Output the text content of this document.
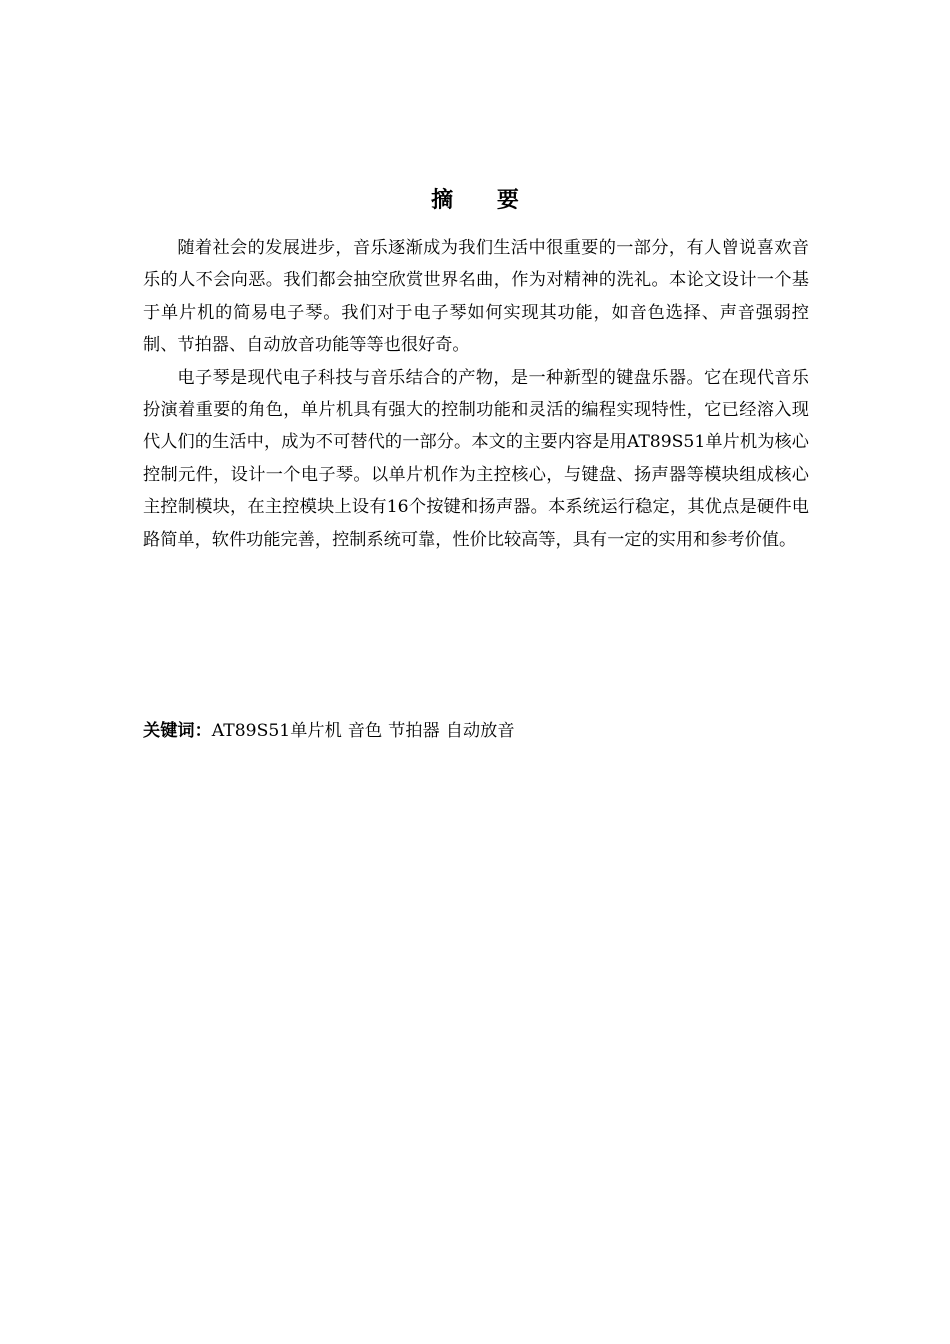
摘 要

随着社会的发展进步，音乐逐渐成为我们生活中很重要的一部分，有人曾说喜欢音乐的人不会向恶。我们都会抽空欣赏世界名曲，作为对精神的洗礼。本论文设计一个基于单片机的简易电子琴。我们对于电子琴如何实现其功能，如音色选择、声音强弱控制、节拍器、自动放音功能等等也很好奇。

电子琴是现代电子科技与音乐结合的产物，是一种新型的键盘乐器。它在现代音乐扮演着重要的角色，单片机具有强大的控制功能和灵活的编程实现特性，它已经溶入现代人们的生活中，成为不可替代的一部分。本文的主要内容是用AT89S51单片机为核心控制元件，设计一个电子琴。以单片机作为主控核心，与键盘、扬声器等模块组成核心主控制模块，在主控模块上设有16个按键和扬声器。本系统运行稳定，其优点是硬件电路简单，软件功能完善，控制系统可靠，性价比较高等，具有一定的实用和参考价值。

关键词：AT89S51单片机 音色 节拍器 自动放音
